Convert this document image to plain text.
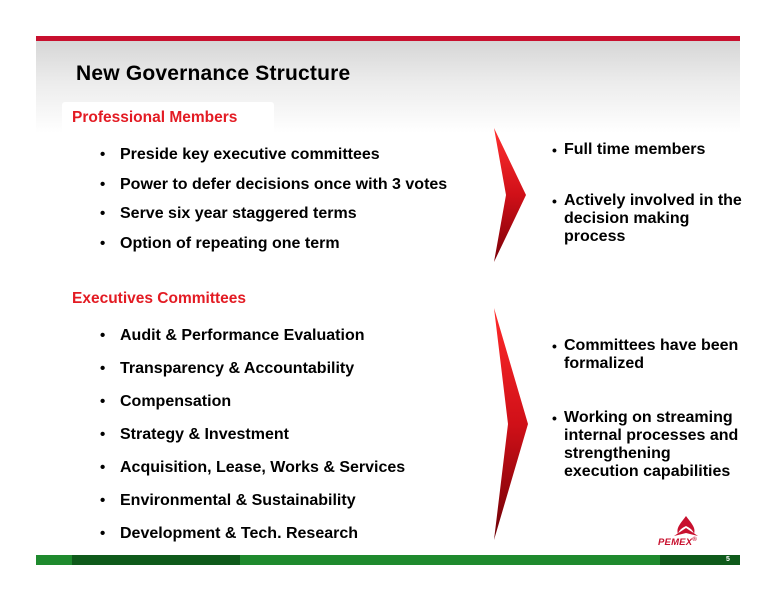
New Governance Structure

Professional Members

• Preside key executive committees
• Power to defer decisions once with 3 votes
• Serve six year staggered terms
• Option of repeating one term

Executives Committees

• Audit & Performance Evaluation
• Transparency & Accountability
• Compensation
• Strategy & Investment
• Acquisition, Lease, Works & Services
• Environmental & Sustainability
• Development & Tech. Research
• Full time members
• Actively involved in the decision making process
• Committees have been formalized
• Working on streaming internal processes and strengthening execution capabilities
PEMEX®
5
